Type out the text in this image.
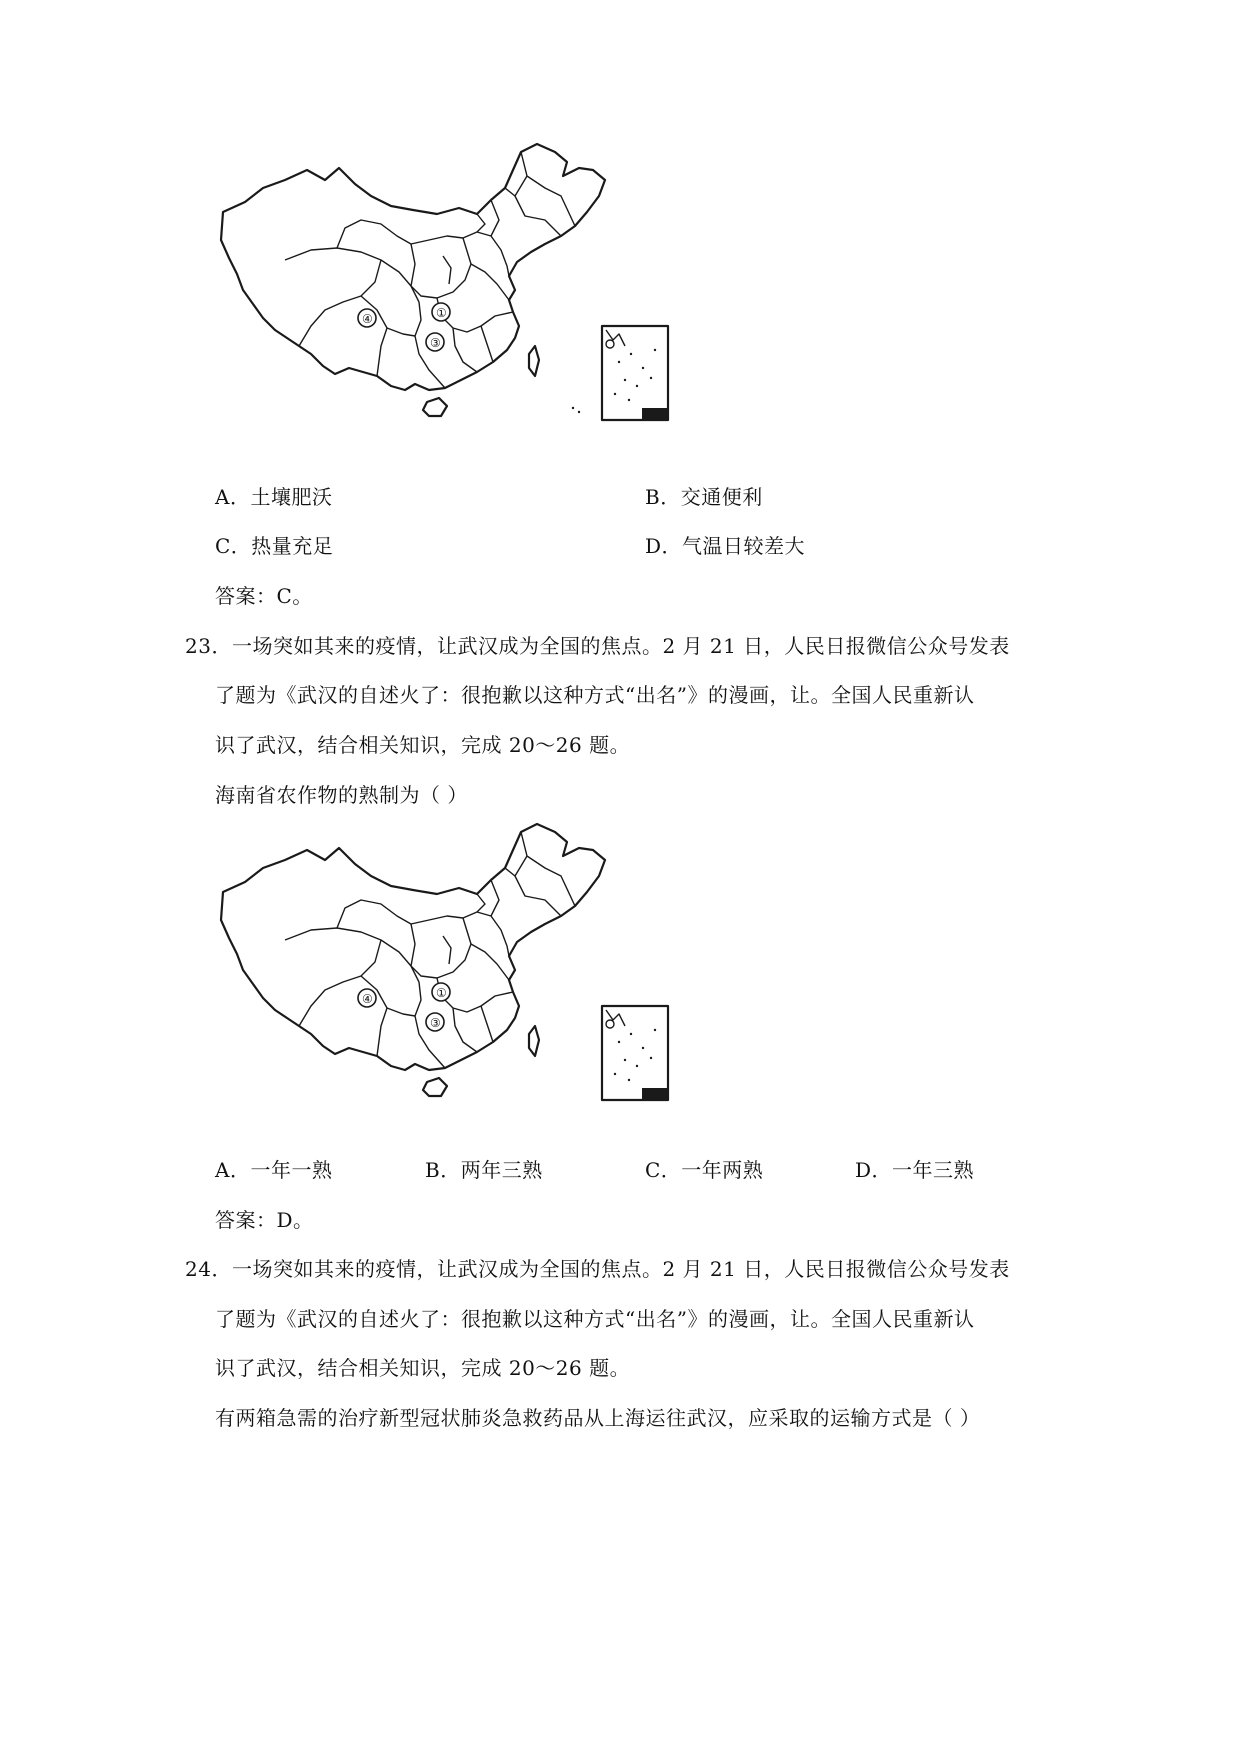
④	①
③
A．土壤肥沃	B．交通便利
C．热量充足	D．气温日较差大
答案：C。
23．一场突如其来的疫情，让武汉成为全国的焦点。2 月 21 日，人民日报微信公众号发表
了题为《武汉的自述火了：很抱歉以这种方式“出名”》的漫画，让。全国人民重新认
识了武汉，结合相关知识，完成 20～26 题。
海南省农作物的熟制为（ ）
④	①
③
A．一年一熟	B．两年三熟	C．一年两熟	D．一年三熟
答案：D。
24．一场突如其来的疫情，让武汉成为全国的焦点。2 月 21 日，人民日报微信公众号发表
了题为《武汉的自述火了：很抱歉以这种方式“出名”》的漫画，让。全国人民重新认
识了武汉，结合相关知识，完成 20～26 题。
有两箱急需的治疗新型冠状肺炎急救药品从上海运往武汉，应采取的运输方式是（ ）
